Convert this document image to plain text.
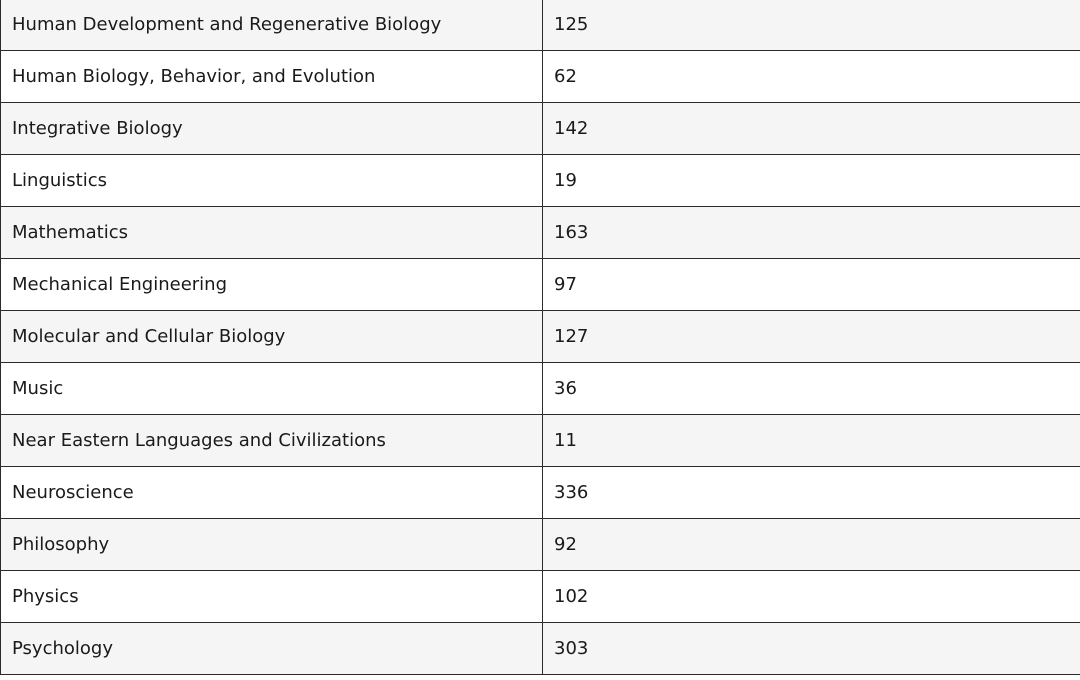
Human Development and Regenerative Biology	125
Human Biology, Behavior, and Evolution	62
Integrative Biology	142
Linguistics	19
Mathematics	163
Mechanical Engineering	97
Molecular and Cellular Biology	127
Music	36
Near Eastern Languages and Civilizations	11
Neuroscience	336
Philosophy	92
Physics	102
Psychology	303
